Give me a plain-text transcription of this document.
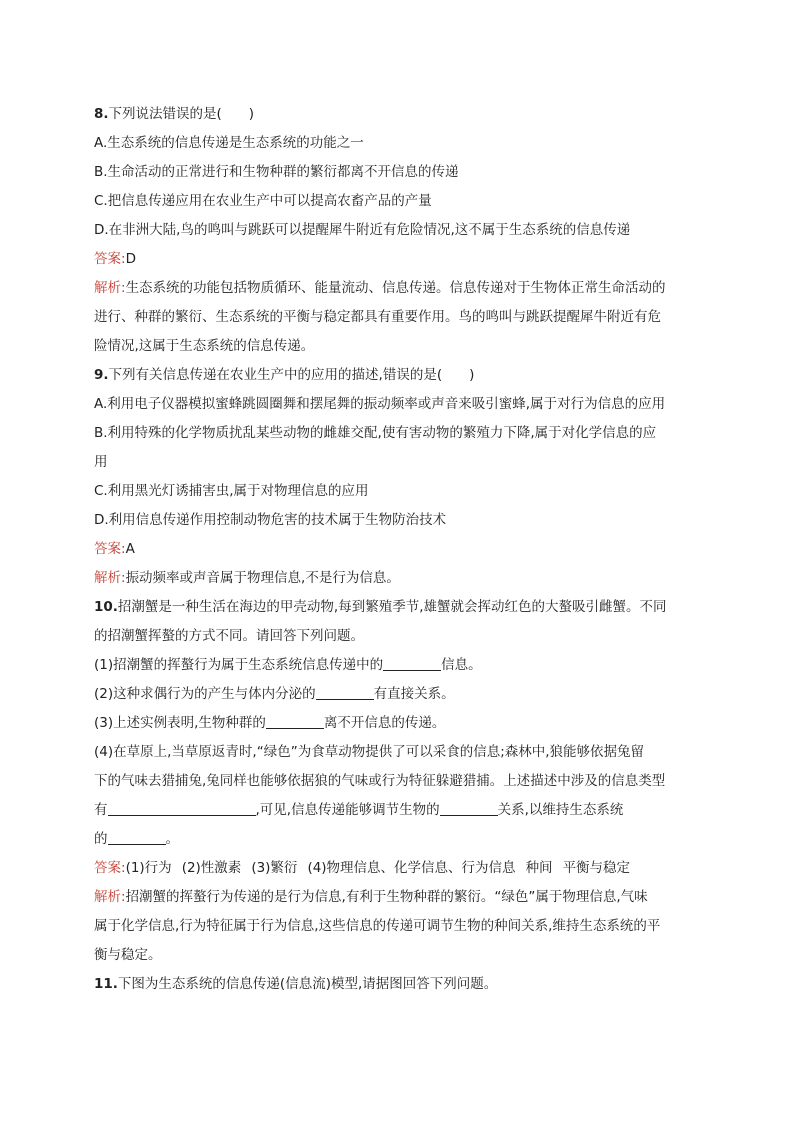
8.下列说法错误的是(　　)
A.生态系统的信息传递是生态系统的功能之一
B.生命活动的正常进行和生物种群的繁衍都离不开信息的传递
C.把信息传递应用在农业生产中可以提高农畜产品的产量
D.在非洲大陆,鸟的鸣叫与跳跃可以提醒犀牛附近有危险情况,这不属于生态系统的信息传递
答案:D
解析:生态系统的功能包括物质循环、能量流动、信息传递。信息传递对于生物体正常生命活动的
进行、种群的繁衍、生态系统的平衡与稳定都具有重要作用。鸟的鸣叫与跳跃提醒犀牛附近有危
险情况,这属于生态系统的信息传递。
9.下列有关信息传递在农业生产中的应用的描述,错误的是(　　)
A.利用电子仪器模拟蜜蜂跳圆圈舞和摆尾舞的振动频率或声音来吸引蜜蜂,属于对行为信息的应用
B.利用特殊的化学物质扰乱某些动物的雌雄交配,使有害动物的繁殖力下降,属于对化学信息的应
用
C.利用黑光灯诱捕害虫,属于对物理信息的应用
D.利用信息传递作用控制动物危害的技术属于生物防治技术
答案:A
解析:振动频率或声音属于物理信息,不是行为信息。
10.招潮蟹是一种生活在海边的甲壳动物,每到繁殖季节,雄蟹就会挥动红色的大螯吸引雌蟹。不同
的招潮蟹挥螯的方式不同。请回答下列问题。
(1)招潮蟹的挥螯行为属于生态系统信息传递中的	信息。
(2)这种求偶行为的产生与体内分泌的	有直接关系。
(3)上述实例表明,生物种群的	离不开信息的传递。
(4)在草原上,当草原返青时,“绿色”为食草动物提供了可以采食的信息;森林中,狼能够依据兔留
下的气味去猎捕兔,兔同样也能够依据狼的气味或行为特征躲避猎捕。上述描述中涉及的信息类型
有	,可见,信息传递能够调节生物的	关系,以维持生态系统
的	。
答案:(1)行为 (2)性激素 (3)繁衍 (4)物理信息、化学信息、行为信息 种间 平衡与稳定
解析:招潮蟹的挥螯行为传递的是行为信息,有利于生物种群的繁衍。“绿色”属于物理信息,气味
属于化学信息,行为特征属于行为信息,这些信息的传递可调节生物的种间关系,维持生态系统的平
衡与稳定。
11.下图为生态系统的信息传递(信息流)模型,请据图回答下列问题。
